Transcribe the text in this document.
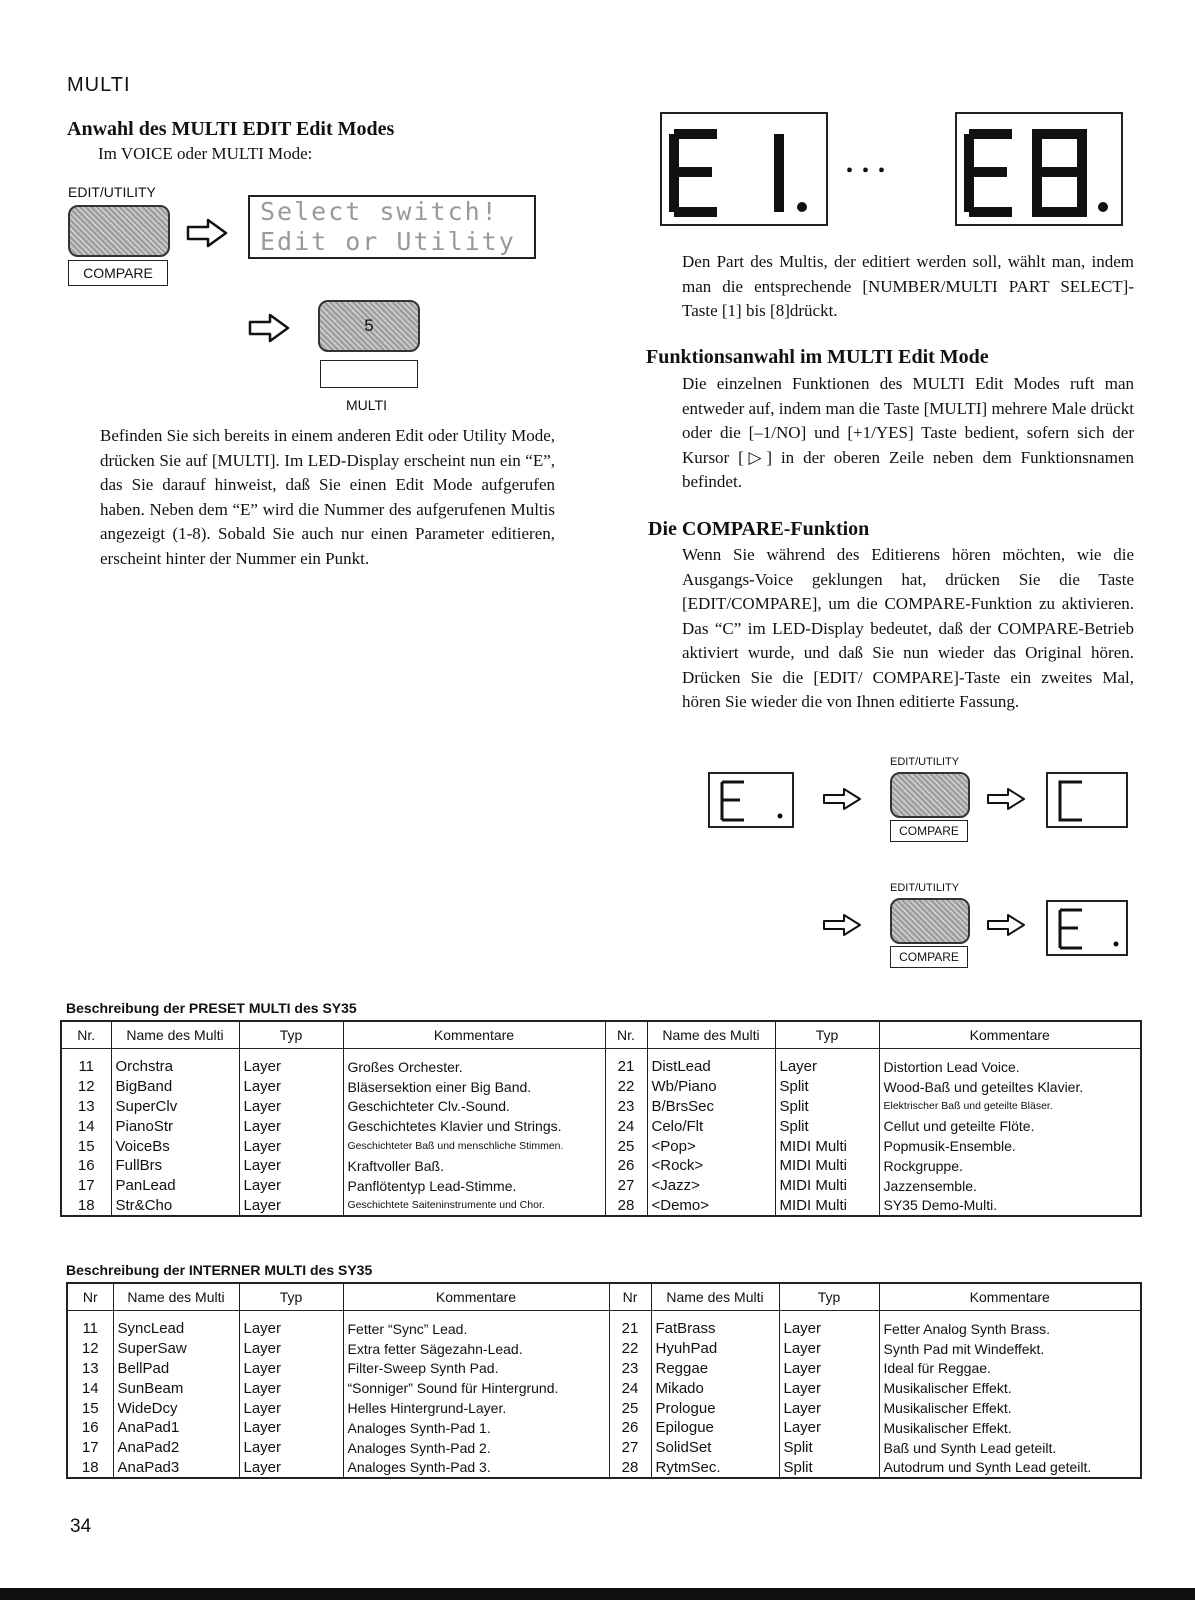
MULTI
Anwahl des MULTI EDIT Edit Modes
Im VOICE oder MULTI Mode:
EDIT/UTILITY
COMPARE
Select switch!
Edit or Utility
5
MULTI
Befinden Sie sich bereits in einem anderen Edit oder Utility Mode, drücken Sie auf [MULTI]. Im LED-Display erscheint nun ein “E”, das Sie darauf hinweist, daß Sie einen Edit Mode aufgerufen haben. Neben dem “E” wird die Nummer des aufgerufenen Multis angezeigt (1-8). Sobald Sie auch nur einen Parameter editieren, erscheint hinter der Nummer ein Punkt.
• • •
Den Part des Multis, der editiert werden soll, wählt man, indem man die entsprechende [NUMBER/MULTI PART SELECT]-Taste [1] bis [8]drückt.
Funktionsanwahl im MULTI Edit Mode
Die einzelnen Funktionen des MULTI Edit Modes ruft man entweder auf, indem man die Taste [MULTI] mehrere Male drückt oder die [–1/NO] und [+1/YES] Taste bedient, sofern sich der Kursor [▷] in der oberen Zeile neben dem Funktionsnamen befindet.
Die COMPARE-Funktion
Wenn Sie während des Editierens hören möchten, wie die Ausgangs-Voice geklungen hat, drücken Sie die Taste [EDIT/COMPARE], um die COMPARE-Funktion zu aktivieren. Das “C” im LED-Display bedeutet, daß der COMPARE-Betrieb aktiviert wurde, und daß Sie nun wieder das Original hören. Drücken Sie die [EDIT/ COMPARE]-Taste ein zweites Mal, hören Sie wieder die von Ihnen editierte Fassung.
EDIT/UTILITY
COMPARE
EDIT/UTILITY
COMPARE
Beschreibung der PRESET MULTI des SY35
Nr.	Name des Multi	Typ	Kommentare	Nr.	Name des Multi	Typ	Kommentare
11	Orchstra	Layer	Großes Orchester.	21	DistLead	Layer	Distortion Lead Voice.
12	BigBand	Layer	Bläsersektion einer Big Band.	22	Wb/Piano	Split	Wood-Baß und geteiltes Klavier.
13	SuperClv	Layer	Geschichteter Clv.-Sound.	23	B/BrsSec	Split	Elektrischer Baß und geteilte Bläser.
14	PianoStr	Layer	Geschichtetes Klavier und Strings.	24	Celo/Flt	Split	Cellut und geteilte Flöte.
15	VoiceBs	Layer	Geschichteter Baß und menschliche Stimmen.	25	<Pop>	MIDI Multi	Popmusik-Ensemble.
16	FullBrs	Layer	Kraftvoller Baß.	26	<Rock>	MIDI Multi	Rockgruppe.
17	PanLead	Layer	Panflötentyp Lead-Stimme.	27	<Jazz>	MIDI Multi	Jazzensemble.
18	Str&Cho	Layer	Geschichtete Saiteninstrumente und Chor.	28	<Demo>	MIDI Multi	SY35 Demo-Multi.
Beschreibung der INTERNER MULTI des SY35
Nr	Name des Multi	Typ	Kommentare	Nr	Name des Multi	Typ	Kommentare
11	SyncLead	Layer	Fetter “Sync” Lead.	21	FatBrass	Layer	Fetter Analog Synth Brass.
12	SuperSaw	Layer	Extra fetter Sägezahn-Lead.	22	HyuhPad	Layer	Synth Pad mit Windeffekt.
13	BellPad	Layer	Filter-Sweep Synth Pad.	23	Reggae	Layer	Ideal für Reggae.
14	SunBeam	Layer	“Sonniger” Sound für Hintergrund.	24	Mikado	Layer	Musikalischer Effekt.
15	WideDcy	Layer	Helles Hintergrund-Layer.	25	Prologue	Layer	Musikalischer Effekt.
16	AnaPad1	Layer	Analoges Synth-Pad 1.	26	Epilogue	Layer	Musikalischer Effekt.
17	AnaPad2	Layer	Analoges Synth-Pad 2.	27	SolidSet	Split	Baß und Synth Lead geteilt.
18	AnaPad3	Layer	Analoges Synth-Pad 3.	28	RytmSec.	Split	Autodrum und Synth Lead geteilt.
34
